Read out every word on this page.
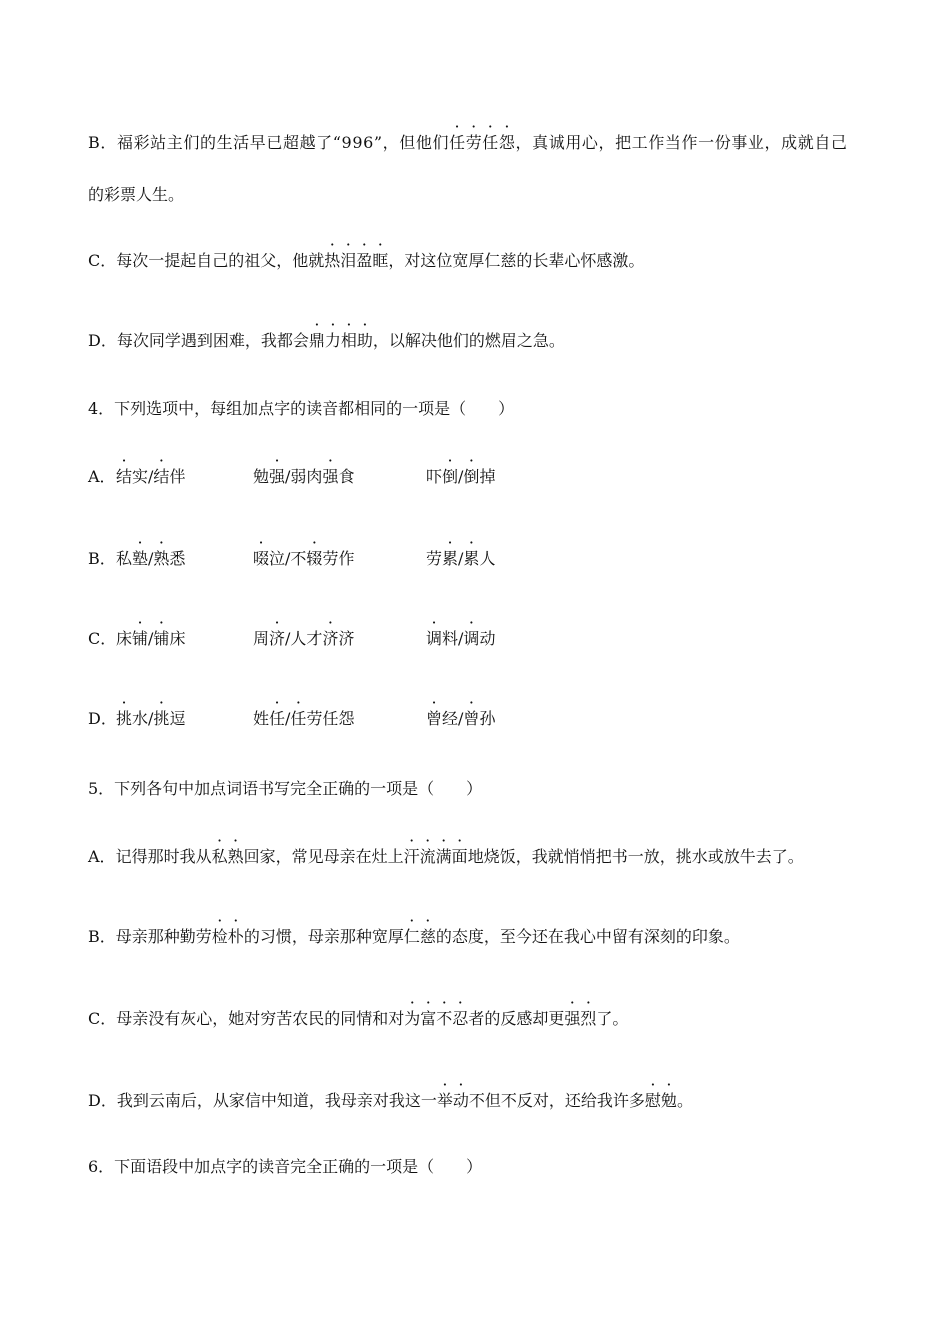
B．福彩站主们的生活早已超越了“996”，但他们任劳任怨，真诚用心，把工作当作一份事业，成就自己
的彩票人生。
C．每次一提起自己的祖父，他就热泪盈眶，对这位宽厚仁慈的长辈心怀感激。
D．每次同学遇到困难，我都会鼎力相助，以解决他们的燃眉之急。
4．下列选项中，每组加点字的读音都相同的一项是（　　）
A． 结实/结伴	勉强/弱肉强食	吓倒/倒掉
B． 私塾/熟悉	啜泣/不辍劳作	劳累/累人
C． 床铺/铺床	周济/人才济济	调料/调动
D． 挑水/挑逗	姓任/任劳任怨	曾经/曾孙
5．下列各句中加点词语书写完全正确的一项是（　　）
A．记得那时我从私熟回家，常见母亲在灶上汗流满面地烧饭，我就悄悄把书一放，挑水或放牛去了。
B．母亲那种勤劳检朴的习惯，母亲那种宽厚仁慈的态度，至今还在我心中留有深刻的印象。
C．母亲没有灰心，她对穷苦农民的同情和对为富不忍者的反感却更强烈了。
D．我到云南后，从家信中知道，我母亲对我这一举动不但不反对，还给我许多慰勉。
6．下面语段中加点字的读音完全正确的一项是（　　）
